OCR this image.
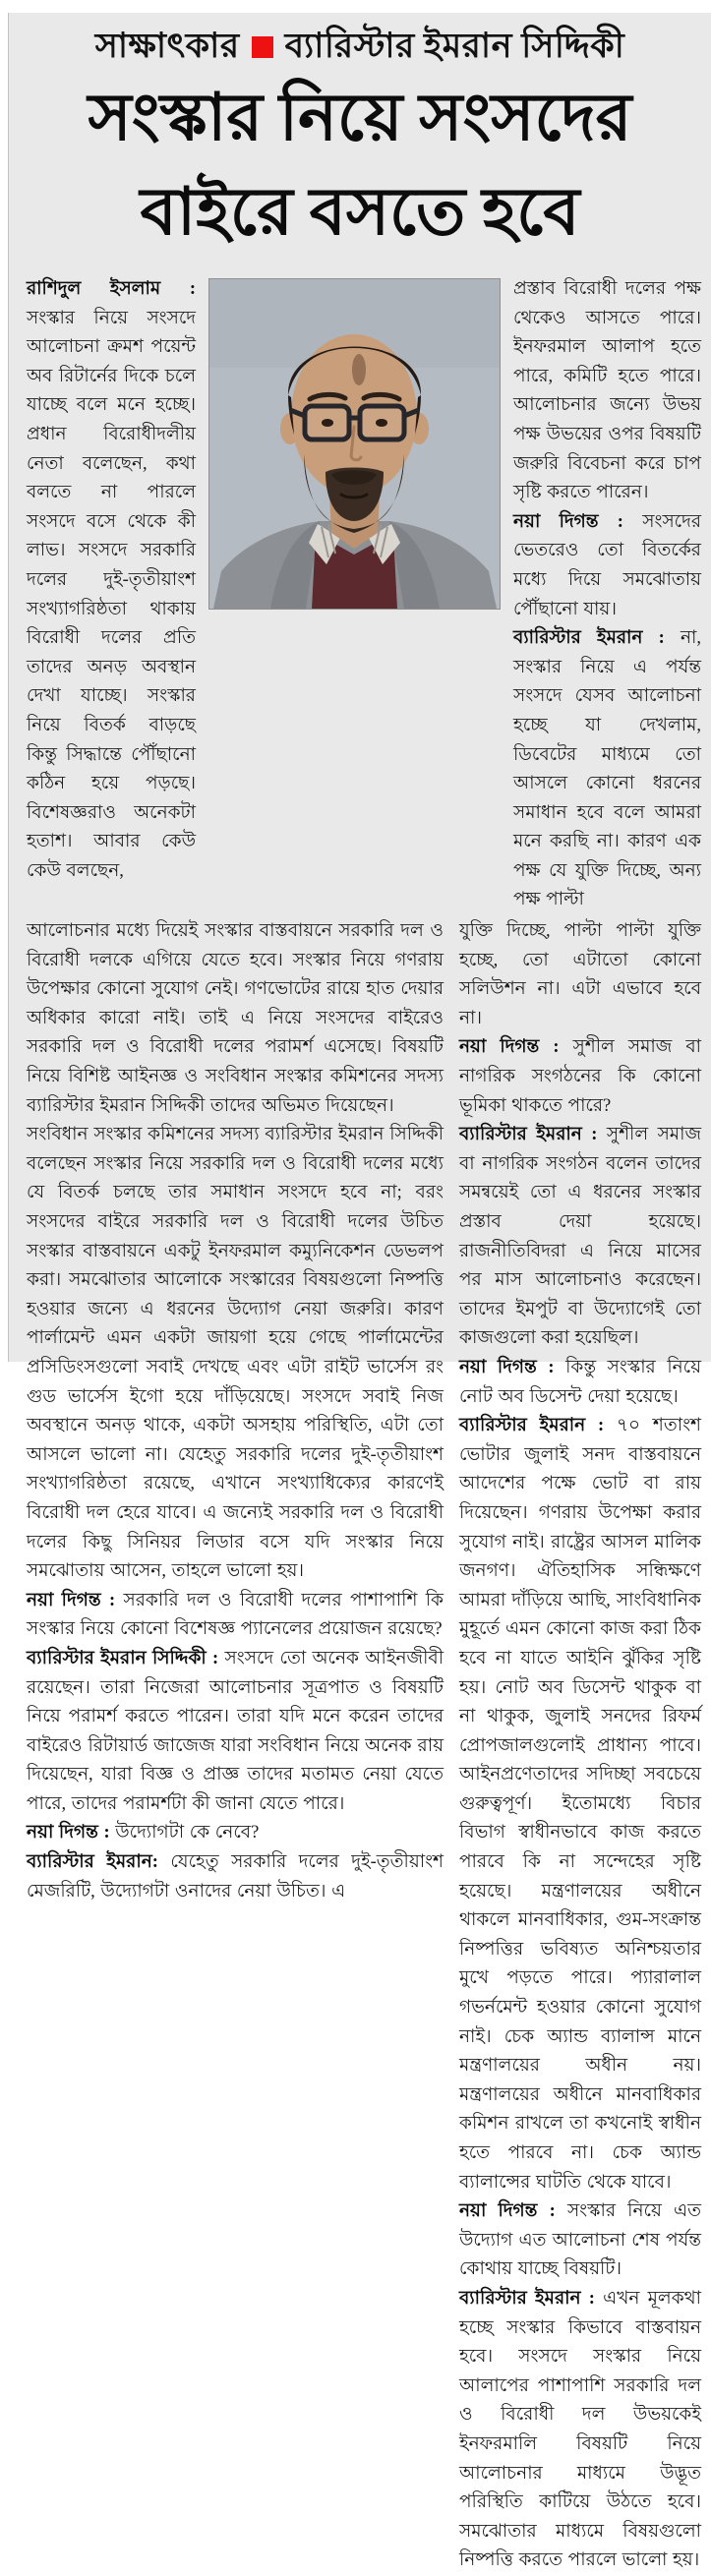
সাক্ষাৎকার ব্যারিস্টার ইমরান সিদ্দিকী
সংস্কার নিয়ে সংসদের
বাইরে বসতে হবে

রাশিদুল ইসলাম : সংস্কার নিয়ে সংসদে আলোচনা ক্রমশ পয়েন্ট অব রিটার্নের দিকে চলে যাচ্ছে বলে মনে হচ্ছে। প্রধান বিরোধীদলীয় নেতা বলেছেন, কথা বলতে না পারলে সংসদে বসে থেকে কী লাভ। সংসদে সরকারি দলের দুই-তৃতীয়াংশ সংখ্যাগরিষ্ঠতা থাকায় বিরোধী দলের প্রতি তাদের অনড় অবস্থান দেখা যাচ্ছে। সংস্কার নিয়ে বিতর্ক বাড়ছে কিন্তু সিদ্ধান্তে পৌঁছানো কঠিন হয়ে পড়ছে। বিশেষজ্ঞরাও অনেকটা হতাশ। আবার কেউ কেউ বলছেন,

প্রস্তাব বিরোধী দলের পক্ষ থেকেও আসতে পারে। ইনফরমাল আলাপ হতে পারে, কমিটি হতে পারে। আলোচনার জন্যে উভয় পক্ষ উভয়ের ওপর বিষয়টি জরুরি বিবেচনা করে চাপ সৃষ্টি করতে পারেন।

নয়া দিগন্ত : সংসদের ভেতরেও তো বিতর্কের মধ্যে দিয়ে সমঝোতায় পৌঁছানো যায়।

ব্যারিস্টার ইমরান : না, সংস্কার নিয়ে এ পর্যন্ত সংসদে যেসব আলোচনা হচ্ছে যা দেখলাম, ডিবেটের মাধ্যমে তো আসলে কোনো ধরনের সমাধান হবে বলে আমরা মনে করছি না। কারণ এক পক্ষ যে যুক্তি দিচ্ছে, অন্য পক্ষ পাল্টা

আলোচনার মধ্যে দিয়েই সংস্কার বাস্তবায়নে সরকারি দল ও বিরোধী দলকে এগিয়ে যেতে হবে। সংস্কার নিয়ে গণরায় উপেক্ষার কোনো সুযোগ নেই। গণভোটের রায়ে হাত দেয়ার অধিকার কারো নাই। তাই এ নিয়ে সংসদের বাইরেও সরকারি দল ও বিরোধী দলের পরামর্শ এসেছে। বিষয়টি নিয়ে বিশিষ্ট আইনজ্ঞ ও সংবিধান সংস্কার কমিশনের সদস্য ব্যারিস্টার ইমরান সিদ্দিকী তাদের অভিমত দিয়েছেন।

সংবিধান সংস্কার কমিশনের সদস্য ব্যারিস্টার ইমরান সিদ্দিকী বলেছেন সংস্কার নিয়ে সরকারি দল ও বিরোধী দলের মধ্যে যে বিতর্ক চলছে তার সমাধান সংসদে হবে না; বরং সংসদের বাইরে সরকারি দল ও বিরোধী দলের উচিত সংস্কার বাস্তবায়নে একটু ইনফরমাল কম্যুনিকেশন ডেভলপ করা। সমঝোতার আলোকে সংস্কারের বিষয়গুলো নিষ্পত্তি হওয়ার জন্যে এ ধরনের উদ্যোগ নেয়া জরুরি। কারণ পার্লামেন্ট এমন একটা জায়গা হয়ে গেছে পার্লামেন্টের প্রসিডিংসগুলো সবাই দেখছে এবং এটা রাইট ভার্সেস রং গুড ভার্সেস ইগো হয়ে দাঁড়িয়েছে। সংসদে সবাই নিজ অবস্থানে অনড় থাকে, একটা অসহায় পরিস্থিতি, এটা তো আসলে ভালো না। যেহেতু সরকারি দলের দুই-তৃতীয়াংশ সংখ্যাগরিষ্ঠতা রয়েছে, এখানে সংখ্যাধিক্যের কারণেই বিরোধী দল হেরে যাবে। এ জন্যেই সরকারি দল ও বিরোধী দলের কিছু সিনিয়র লিডার বসে যদি সংস্কার নিয়ে সমঝোতায় আসেন, তাহলে ভালো হয়।

নয়া দিগন্ত : সরকারি দল ও বিরোধী দলের পাশাপাশি কি সংস্কার নিয়ে কোনো বিশেষজ্ঞ প্যানেলের প্রয়োজন রয়েছে?

ব্যারিস্টার ইমরান সিদ্দিকী : সংসদে তো অনেক আইনজীবী রয়েছেন। তারা নিজেরা আলোচনার সূত্রপাত ও বিষয়টি নিয়ে পরামর্শ করতে পারেন। তারা যদি মনে করেন তাদের বাইরেও রিটায়ার্ড জাজেজ যারা সংবিধান নিয়ে অনেক রায় দিয়েছেন, যারা বিজ্ঞ ও প্রাজ্ঞ তাদের মতামত নেয়া যেতে পারে, তাদের পরামর্শটা কী জানা যেতে পারে।

নয়া দিগন্ত : উদ্যোগটা কে নেবে?

ব্যারিস্টার ইমরান: যেহেতু সরকারি দলের দুই-তৃতীয়াংশ মেজরিটি, উদ্যোগটা ওনাদের নেয়া উচিত। এ

যুক্তি দিচ্ছে, পাল্টা পাল্টা যুক্তি হচ্ছে, তো এটাতো কোনো সলিউশন না। এটা এভাবে হবে না।

নয়া দিগন্ত : সুশীল সমাজ বা নাগরিক সংগঠনের কি কোনো ভূমিকা থাকতে পারে?

ব্যারিস্টার ইমরান : সুশীল সমাজ বা নাগরিক সংগঠন বলেন তাদের সমন্বয়েই তো এ ধরনের সংস্কার প্রস্তাব দেয়া হয়েছে। রাজনীতিবিদরা এ নিয়ে মাসের পর মাস আলোচনাও করেছেন। তাদের ইমপুট বা উদ্যোগেই তো কাজগুলো করা হয়েছিল।

নয়া দিগন্ত : কিন্তু সংস্কার নিয়ে নোট অব ডিসেন্ট দেয়া হয়েছে।

ব্যারিস্টার ইমরান : ৭০ শতাংশ ভোটার জুলাই সনদ বাস্তবায়নে আদেশের পক্ষে ভোট বা রায় দিয়েছেন। গণরায় উপেক্ষা করার সুযোগ নাই। রাষ্ট্রের আসল মালিক জনগণ। ঐতিহাসিক সন্ধিক্ষণে আমরা দাঁড়িয়ে আছি, সাংবিধানিক মুহূর্তে এমন কোনো কাজ করা ঠিক হবে না যাতে আইনি ঝুঁকির সৃষ্টি হয়। নোট অব ডিসেন্ট থাকুক বা না থাকুক, জুলাই সনদের রিফর্ম প্রোপজালগুলোই প্রাধান্য পাবে। আইনপ্রণেতাদের সদিচ্ছা সবচেয়ে গুরুত্বপূর্ণ। ইতোমধ্যে বিচার বিভাগ স্বাধীনভাবে কাজ করতে পারবে কি না সন্দেহের সৃষ্টি হয়েছে। মন্ত্রণালয়ের অধীনে থাকলে মানবাধিকার, গুম-সংক্রান্ত নিষ্পত্তির ভবিষ্যত অনিশ্চয়তার মুখে পড়তে পারে। প্যারালাল গভর্নমেন্ট হওয়ার কোনো সুযোগ নাই। চেক অ্যান্ড ব্যালান্স মানে মন্ত্রণালয়ের অধীন নয়। মন্ত্রণালয়ের অধীনে মানবাধিকার কমিশন রাখলে তা কখনোই স্বাধীন হতে পারবে না। চেক অ্যান্ড ব্যালান্সের ঘাটতি থেকে যাবে।

নয়া দিগন্ত : সংস্কার নিয়ে এত উদ্যোগ এত আলোচনা শেষ পর্যন্ত কোথায় যাচ্ছে বিষয়টি।

ব্যারিস্টার ইমরান : এখন মূলকথা হচ্ছে সংস্কার কিভাবে বাস্তবায়ন হবে। সংসদে সংস্কার নিয়ে আলাপের পাশাপাশি সরকারি দল ও বিরোধী দল উভয়কেই ইনফরমালি বিষয়টি নিয়ে আলোচনার মাধ্যমে উদ্ভূত পরিস্থিতি কাটিয়ে উঠতে হবে। সমঝোতার মাধ্যমে বিষয়গুলো নিষ্পত্তি করতে পারলে ভালো হয়।
